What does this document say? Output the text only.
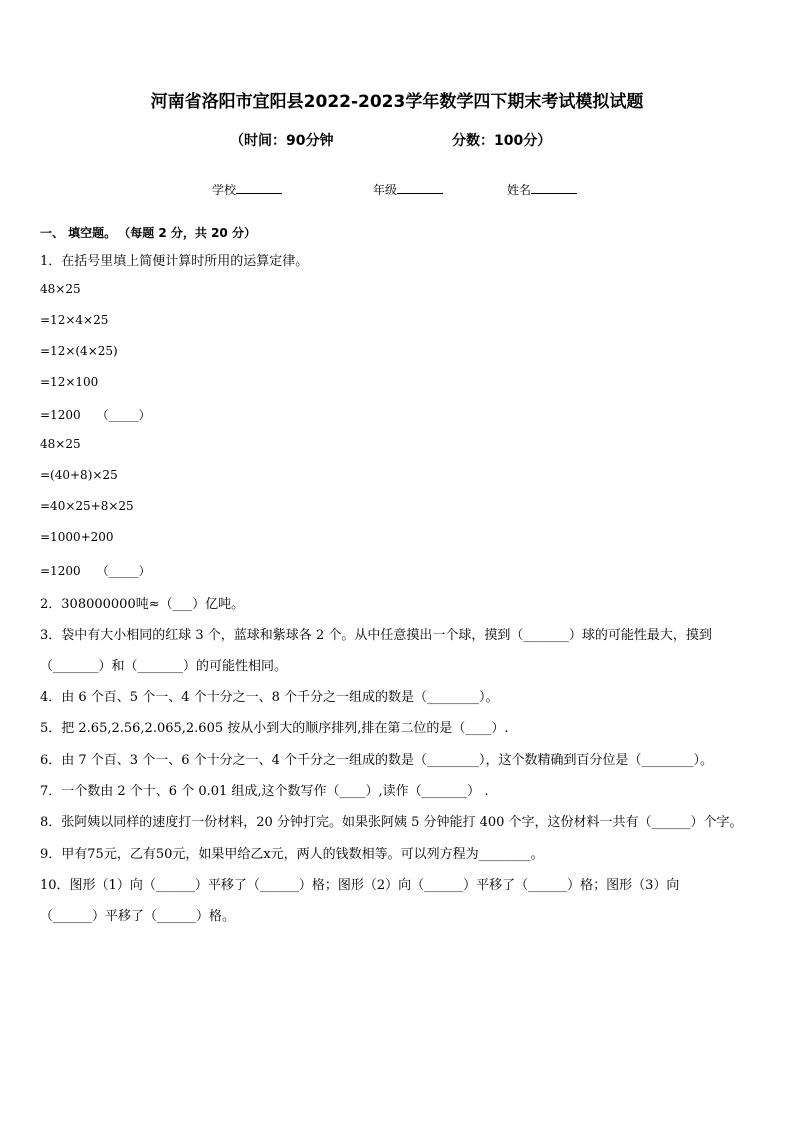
河南省洛阳市宜阳县2022-2023学年数学四下期末考试模拟试题
（时间：90分钟	分数：100分）
学校	年级	姓名
一、 填空题。 （每题 2 分，共 20 分）
1．在括号里填上简便计算时所用的运算定律。
48×25
=12×4×25
=12×(4×25)
=12×100
=1200 （_____）
48×25
=(40+8)×25
=40×25+8×25
=1000+200
=1200 （_____）
2．308000000吨≈（___）亿吨。
3．袋中有大小相同的红球 3 个，蓝球和紫球各 2 个。从中任意摸出一个球，摸到（_______）球的可能性最大，摸到
（_______）和（_______）的可能性相同。
4．由 6 个百、5 个一、4 个十分之一、8 个千分之一组成的数是（________）。
5．把 2.65,2.56,2.065,2.605 按从小到大的顺序排列,排在第二位的是（____）.
6．由 7 个百、3 个一、6 个十分之一、4 个千分之一组成的数是（________），这个数精确到百分位是（________）。
7．一个数由 2 个十、6 个 0.01 组成,这个数写作（____）,读作（_______） .
8．张阿姨以同样的速度打一份材料，20 分钟打完。如果张阿姨 5 分钟能打 400 个字，这份材料一共有（______）个字。
9．甲有75元，乙有50元，如果甲给乙x元，两人的钱数相等。可以列方程为________。
10．图形（1）向（______）平移了（______）格；图形（2）向（______）平移了（______）格；图形（3）向
（______）平移了（______）格。
